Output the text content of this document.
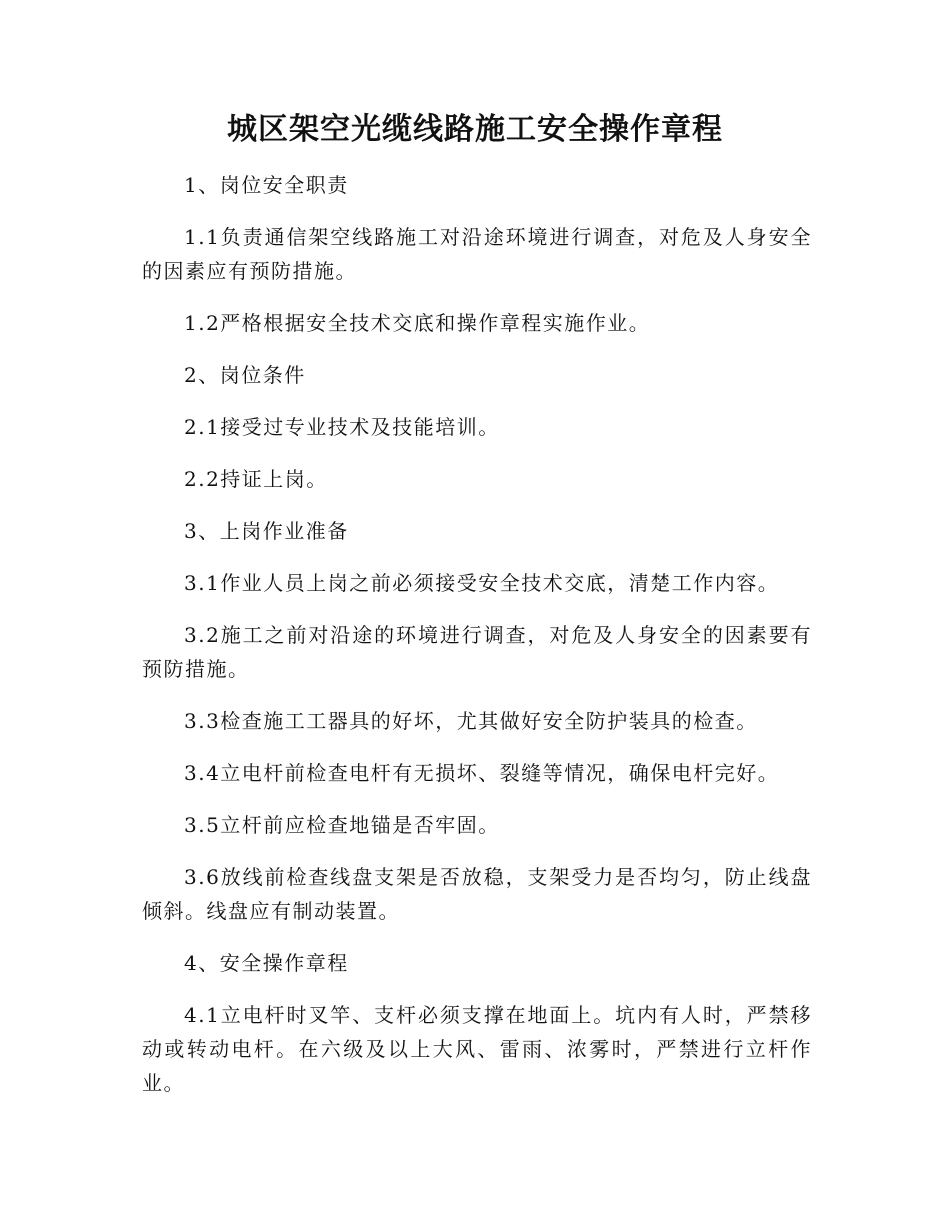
城区架空光缆线路施工安全操作章程

1、岗位安全职责

1.1负责通信架空线路施工对沿途环境进行调查，对危及人身安全的因素应有预防措施。

1.2严格根据安全技术交底和操作章程实施作业。

2、岗位条件

2.1接受过专业技术及技能培训。

2.2持证上岗。

3、上岗作业准备

3.1作业人员上岗之前必须接受安全技术交底，清楚工作内容。

3.2施工之前对沿途的环境进行调查，对危及人身安全的因素要有预防措施。

3.3检查施工工器具的好坏，尤其做好安全防护装具的检查。

3.4立电杆前检查电杆有无损坏、裂缝等情况，确保电杆完好。

3.5立杆前应检查地锚是否牢固。

3.6放线前检查线盘支架是否放稳，支架受力是否均匀，防止线盘倾斜。线盘应有制动装置。

4、安全操作章程

4.1立电杆时叉竿、支杆必须支撑在地面上。坑内有人时，严禁移动或转动电杆。在六级及以上大风、雷雨、浓雾时，严禁进行立杆作业。
